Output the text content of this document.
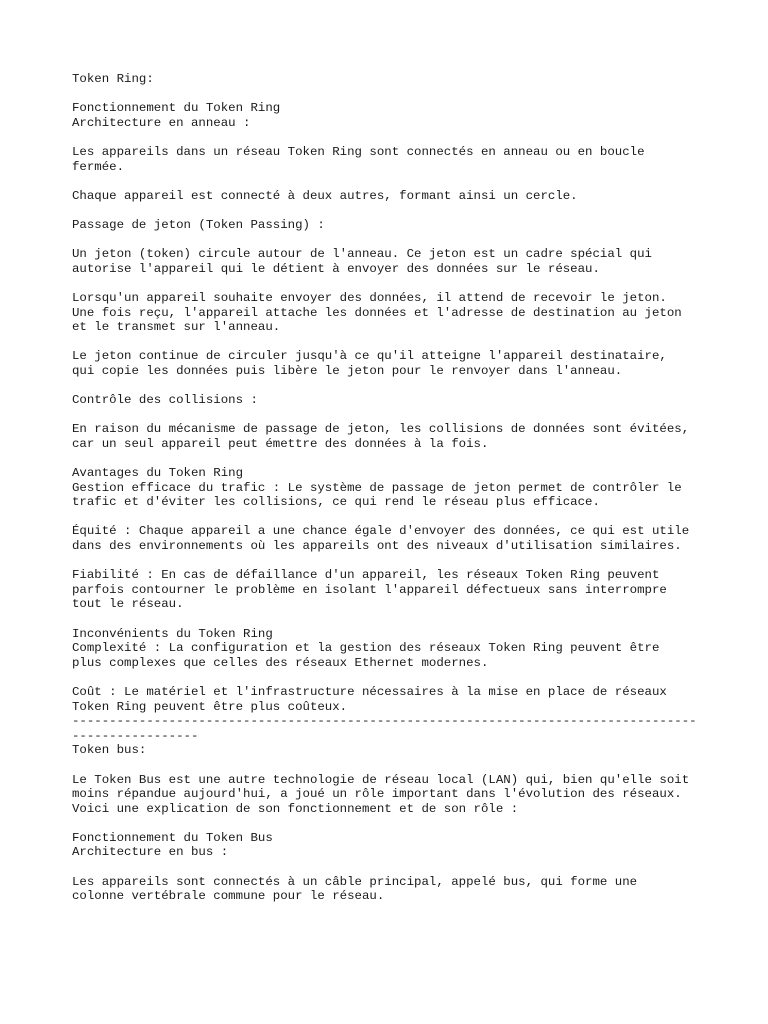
Token Ring:
Fonctionnement du Token Ring
Architecture en anneau :
Les appareils dans un réseau Token Ring sont connectés en anneau ou en boucle
fermée.
Chaque appareil est connecté à deux autres, formant ainsi un cercle.
Passage de jeton (Token Passing) :
Un jeton (token) circule autour de l'anneau. Ce jeton est un cadre spécial qui
autorise l'appareil qui le détient à envoyer des données sur le réseau.
Lorsqu'un appareil souhaite envoyer des données, il attend de recevoir le jeton.
Une fois reçu, l'appareil attache les données et l'adresse de destination au jeton
et le transmet sur l'anneau.
Le jeton continue de circuler jusqu'à ce qu'il atteigne l'appareil destinataire,
qui copie les données puis libère le jeton pour le renvoyer dans l'anneau.
Contrôle des collisions :
En raison du mécanisme de passage de jeton, les collisions de données sont évitées,
car un seul appareil peut émettre des données à la fois.
Avantages du Token Ring
Gestion efficace du trafic : Le système de passage de jeton permet de contrôler le
trafic et d'éviter les collisions, ce qui rend le réseau plus efficace.
Équité : Chaque appareil a une chance égale d'envoyer des données, ce qui est utile
dans des environnements où les appareils ont des niveaux d'utilisation similaires.
Fiabilité : En cas de défaillance d'un appareil, les réseaux Token Ring peuvent
parfois contourner le problème en isolant l'appareil défectueux sans interrompre
tout le réseau.
Inconvénients du Token Ring
Complexité : La configuration et la gestion des réseaux Token Ring peuvent être
plus complexes que celles des réseaux Ethernet modernes.
Coût : Le matériel et l'infrastructure nécessaires à la mise en place de réseaux
Token Ring peuvent être plus coûteux.
------------------------------------------------------------------------------------
-----------------
Token bus:
Le Token Bus est une autre technologie de réseau local (LAN) qui, bien qu'elle soit
moins répandue aujourd'hui, a joué un rôle important dans l'évolution des réseaux.
Voici une explication de son fonctionnement et de son rôle :
Fonctionnement du Token Bus
Architecture en bus :
Les appareils sont connectés à un câble principal, appelé bus, qui forme une
colonne vertébrale commune pour le réseau.
